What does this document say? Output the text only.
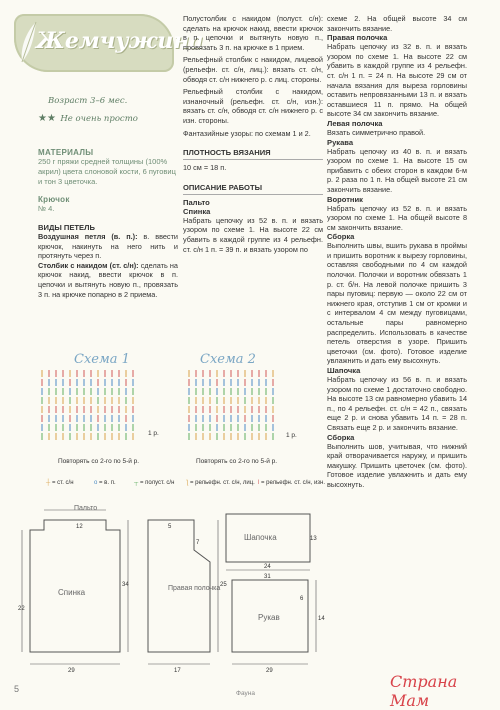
Жемчужина
Возраст 3–6 мес.
★★ Не очень просто
МАТЕРИАЛЫ
250 г пряжи средней толщины (100% акрил) цвета слоновой кости, 6 пуговиц и тон 3 цветочка.
Крючок
№ 4.
ВИДЫ ПЕТЕЛЬ
Воздушная петля (в. п.): в. ввести крючок, накинуть на него нить и протянуть через п.
Столбик с накидом (ст. с/н): сделать на крючок накид, ввести крючок в п. цепочки и вытянуть новую п., провязать 3 п. на крючке попарно в 2 приема.
Полустолбик с накидом (полуст. с/н): сделать на крючок накид, ввести крючок в п. цепочки и вытянуть новую п., провязать 3 п. на крючке в 1 прием.
Рельефный столбик с накидом, лицевой (рельефн. ст. с/н, лиц.): вязать ст. с/н, обводя ст. с/н нижнего р. с лиц. стороны.
Рельефный столбик с накидом, изнаночный (рельефн. ст. с/н, изн.): вязать ст. с/н, обводя ст. с/н нижнего р. с изн. стороны.
Фантазийные узоры: по схемам 1 и 2.
ПЛОТНОСТЬ ВЯЗАНИЯ
10 см = 18 п.
ОПИСАНИЕ РАБОТЫ
Пальто
Спинка
Набрать цепочку из 52 в. п. и вязать узором по схеме 1. На высоте 22 см убавить в каждой группе из 4 рельефн. ст. с/н 1 п. = 39 п. и вязать узором по
схеме 2. На общей высоте 34 см закончить вязание.
Правая полочка
Набрать цепочку из 32 в. п. и вязать узором по схеме 1. На высоте 22 см убавить в каждой группе из 4 рельефн. ст. с/н 1 п. = 24 п. На высоте 29 см от начала вязания для выреза горловины оставить непровязанными 13 п. и вязать оставшиеся 11 п. прямо. На общей высоте 34 см закончить вязание.
Левая полочка
Вязать симметрично правой.
Рукава
Набрать цепочку из 40 в. п. и вязать узором по схеме 1. На высоте 15 см прибавить с обеих сторон в каждом 6-м р. 2 раза по 1 п. На общей высоте 21 см закончить вязание.
Воротник
Набрать цепочку из 52 в. п. и вязать узором по схеме 1. На общей высоте 8 см закончить вязание.
Сборка
Выполнить швы, вшить рукава в проймы и пришить воротник к вырезу горловины, оставляя свободными по 4 см каждой полочки. Полочки и воротник обвязать 1 р. ст. б/н. На левой полочке пришить 3 пары пуговиц: первую — около 22 см от нижнего края, отступив 1 см от кромки и с интервалом 4 см между пуговицами, остальные пары равномерно распределить. Использовать в качестве петель отверстия в узоре. Пришить цветочки (см. фото). Готовое изделие увлажнить и дать ему высохнуть.
Шапочка
Набрать цепочку из 56 в. п. и вязать узором по схеме 1 достаточно свободно. На высоте 13 см равномерно убавить 14 п., по 4 рельефн. ст. с/н = 42 п., связать еще 2 р. и снова убавить 14 п. = 28 п. Связать еще 2 р. и закончить вязание.
Сборка
Выполнить шов, учитывая, что нижний край отворачивается наружу, и пришить макушку. Пришить цветочек (см. фото). Готовое изделие увлажнить и дать ему высохнуть.
Схема 1	Схема 2
1 р.	1 р.
Повторять со 2-го по 5-й р.	Повторять со 2-го по 5-й р.
┼ = ст. с/н	o = в. п.	┬ = полуст. с/н ƪ = рельефн. ст. с/н, лиц. Ɩ = рельефн. ст. с/н, изн.
Пальто
Спинка	Правая полочка
Шапочка
Рукав
29
22
34
12	5
17
7
25
13
24
31
14
6
29
5	Фауна
Страна Мам
